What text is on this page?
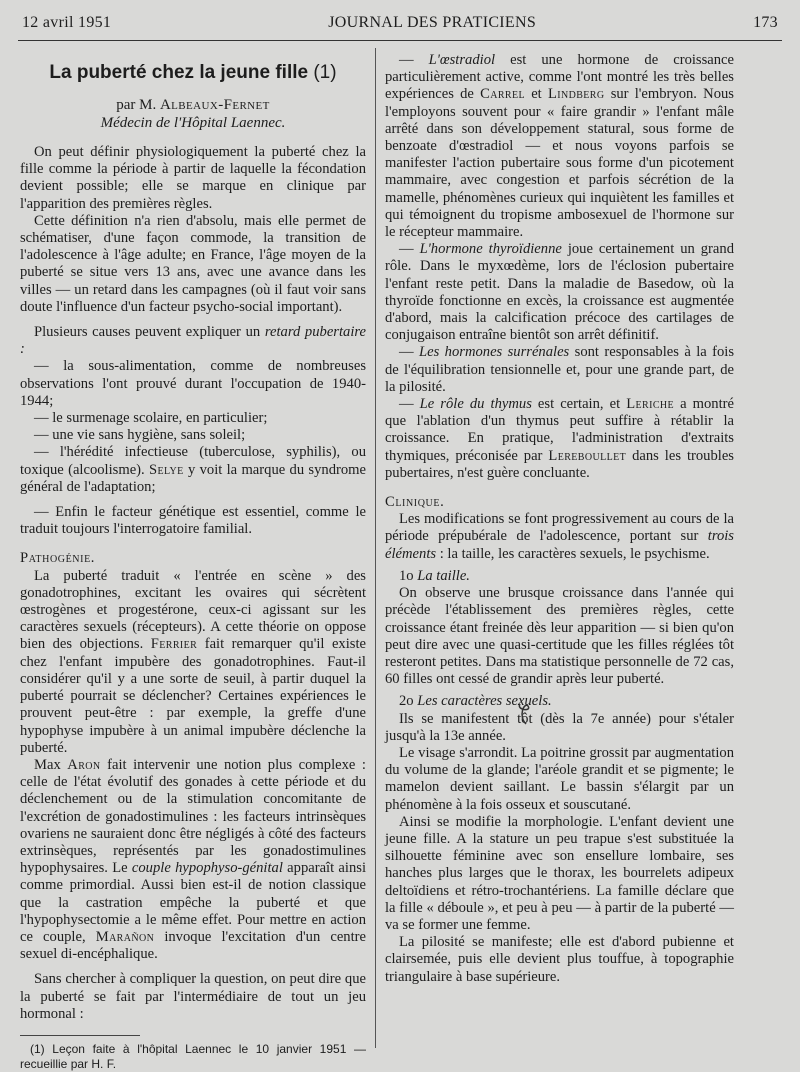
12 avril 1951	JOURNAL DES PRATICIENS	173

La puberté chez la jeune fille (1)

par M. Albeaux-Fernet

Médecin de l'Hôpital Laennec.

On peut définir physiologiquement la puberté chez la fille comme la période à partir de laquelle la fécondation devient possible; elle se marque en clinique par l'apparition des premières règles.

Cette définition n'a rien d'absolu, mais elle permet de schématiser, d'une façon commode, la transition de l'adolescence à l'âge adulte; en France, l'âge moyen de la puberté se situe vers 13 ans, avec une avance dans les villes — un retard dans les campagnes (où il faut voir sans doute l'influence d'un facteur psycho-social important).

Plusieurs causes peuvent expliquer un retard pubertaire :

— la sous-alimentation, comme de nombreuses observations l'ont prouvé durant l'occupation de 1940-1944;

— le surmenage scolaire, en particulier;

— une vie sans hygiène, sans soleil;

— l'hérédité infectieuse (tuberculose, syphilis), ou toxique (alcoolisme). Selye y voit la marque du syndrome général de l'adaptation;

— Enfin le facteur génétique est essentiel, comme le traduit toujours l'interrogatoire familial.

Pathogénie.

La puberté traduit « l'entrée en scène » des gonadotrophines, excitant les ovaires qui sécrètent œstrogènes et progestérone, ceux-ci agissant sur les caractères sexuels (récepteurs). A cette théorie on oppose bien des objections. Ferrier fait remarquer qu'il existe chez l'enfant impubère des gonadotrophines. Faut-il considérer qu'il y a une sorte de seuil, à partir duquel la puberté pourrait se déclencher? Certaines expériences le prouvent peut-être : par exemple, la greffe d'une hypophyse impubère à un animal impubère déclenche la puberté.

Max Aron fait intervenir une notion plus complexe : celle de l'état évolutif des gonades à cette période et du déclenchement ou de la stimulation concomitante de l'excrétion de gonadostimulines : les facteurs intrinsèques ovariens ne sauraient donc être négligés à côté des facteurs extrinsèques, représentés par les gonadostimulines hypophysaires. Le couple hypophyso-génital apparaît ainsi comme primordial. Aussi bien est-il de notion classique que la castration empêche la puberté et que l'hypophysectomie a le même effet. Pour mettre en action ce couple, Marañon invoque l'excitation d'un centre sexuel di-encéphalique.

Sans chercher à compliquer la question, on peut dire que la puberté se fait par l'intermédiaire de tout un jeu hormonal :

(1) Leçon faite à l'hôpital Laennec le 10 janvier 1951 — recueillie par H. F.

— L'œstradiol est une hormone de croissance particulièrement active, comme l'ont montré les très belles expériences de Carrel et Lindberg sur l'embryon. Nous l'employons souvent pour « faire grandir » l'enfant mâle arrêté dans son développement statural, sous forme de benzoate d'œstradiol — et nous voyons parfois se manifester l'action pubertaire sous forme d'un picotement mammaire, avec congestion et parfois sécrétion de la mamelle, phénomènes curieux qui inquiètent les familles et qui témoignent du tropisme ambosexuel de l'hormone sur le récepteur mammaire.

— L'hormone thyroïdienne joue certainement un grand rôle. Dans le myxœdème, lors de l'éclosion pubertaire l'enfant reste petit. Dans la maladie de Basedow, où la thyroïde fonctionne en excès, la croissance est augmentée d'abord, mais la calcification précoce des cartilages de conjugaison entraîne bientôt son arrêt définitif.

— Les hormones surrénales sont responsables à la fois de l'équilibration tensionnelle et, pour une grande part, de la pilosité.

— Le rôle du thymus est certain, et Leriche a montré que l'ablation d'un thymus peut suffire à rétablir la croissance. En pratique, l'administration d'extraits thymiques, préconisée par Lereboullet dans les troubles pubertaires, n'est guère concluante.

Clinique.

Les modifications se font progressivement au cours de la période prépubérale de l'adolescence, portant sur trois éléments : la taille, les caractères sexuels, le psychisme.

1o La taille.

On observe une brusque croissance dans l'année qui précède l'établissement des premières règles, cette croissance étant freinée dès leur apparition — si bien qu'on peut dire avec une quasi-certitude que les filles réglées tôt resteront petites. Dans ma statistique personnelle de 72 cas, 60 filles ont cessé de grandir après leur puberté.

2o Les caractères sexuels.

Ils se manifestent tôt (dès la 7e année) pour s'étaler jusqu'à la 13e année.

Le visage s'arrondit. La poitrine grossit par augmentation du volume de la glande; l'aréole grandit et se pigmente; le mamelon devient saillant. Le bassin s'élargit par un phénomène à la fois osseux et souscutané.

Ainsi se modifie la morphologie. L'enfant devient une jeune fille. A la stature un peu trapue s'est substituée la silhouette féminine avec son ensellure lombaire, ses hanches plus larges que le thorax, les bourrelets adipeux deltoïdiens et rétro-trochantériens. La famille déclare que la fille « déboule », et peu à peu — à partir de la puberté — va se former une femme.

La pilosité se manifeste; elle est d'abord pubienne et clairsemée, puis elle devient plus touffue, à topographie triangulaire à base supérieure.
